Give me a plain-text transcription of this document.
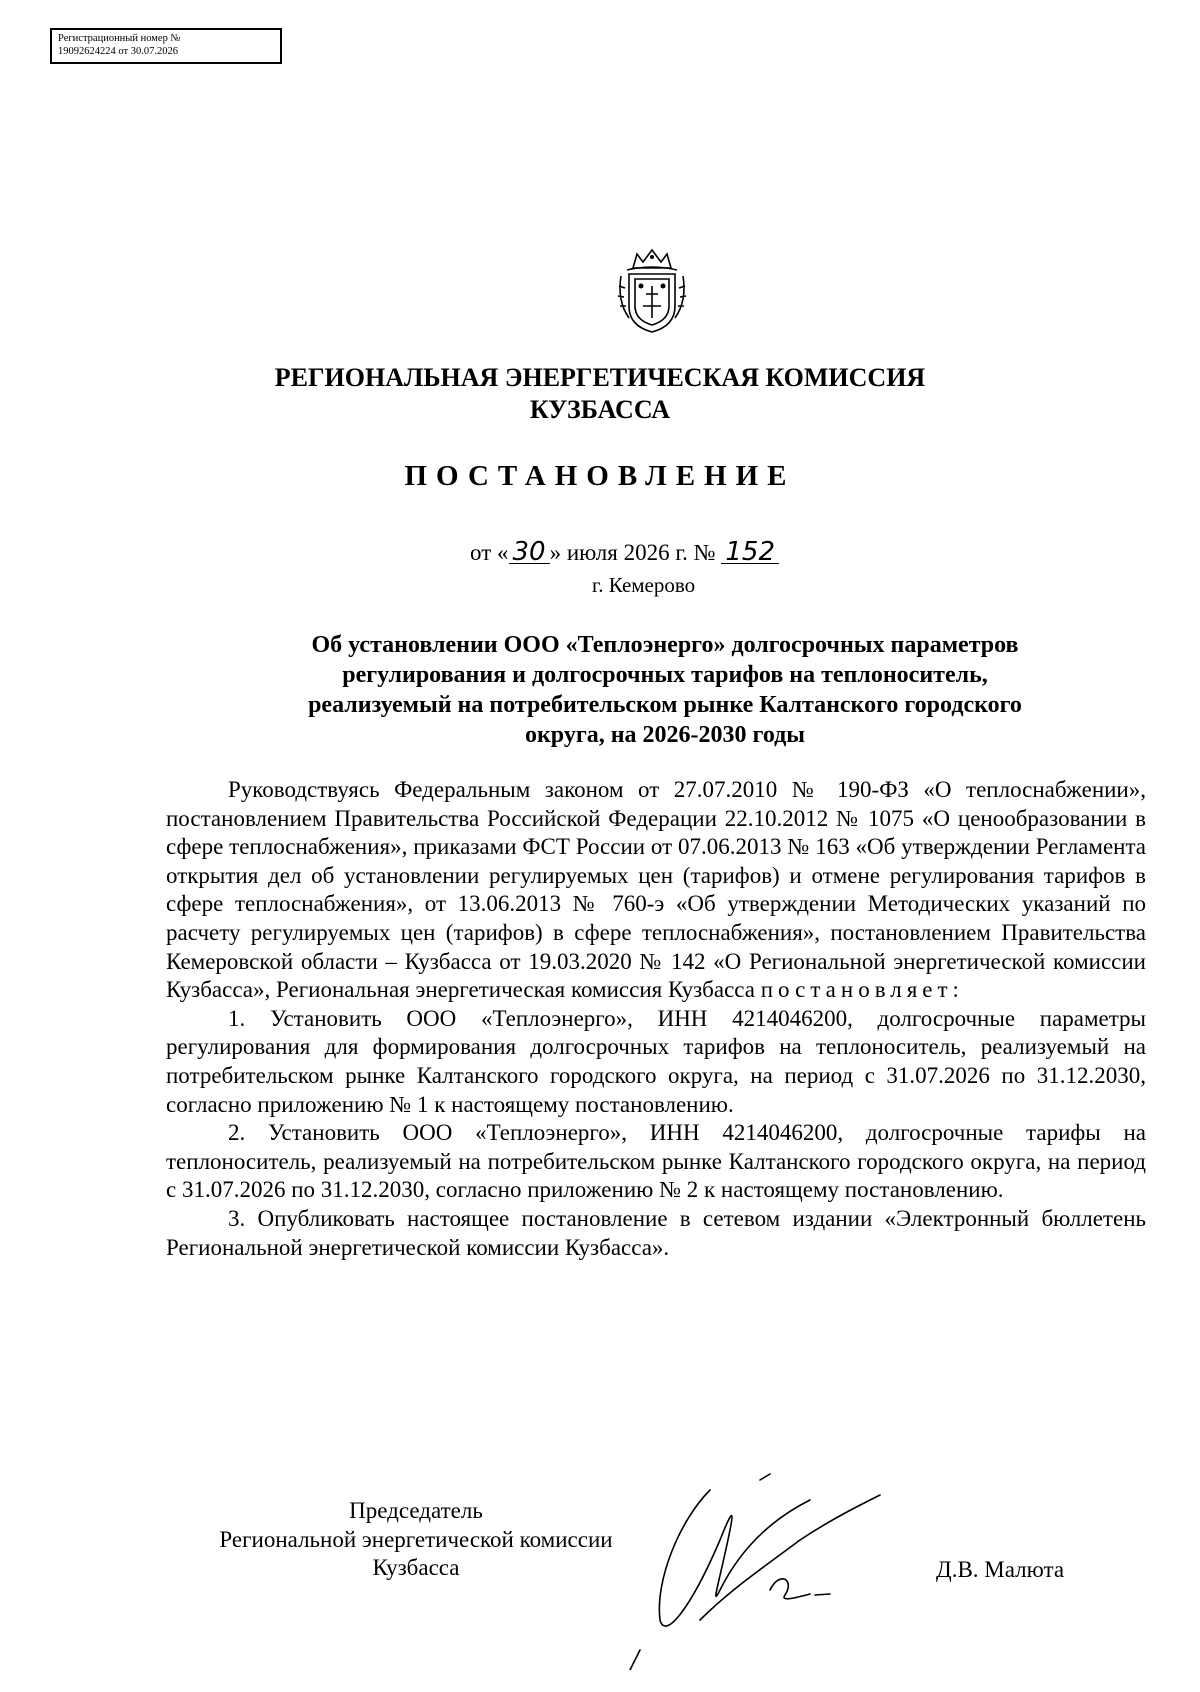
Регистрационный номер №
19092624224 от 30.07.2026
РЕГИОНАЛЬНАЯ ЭНЕРГЕТИЧЕСКАЯ КОМИССИЯ
КУЗБАССА
ПОСТАНОВЛЕНИЕ
от « 30 » июля 2026 г. № 152
г. Кемерово
Об установлении ООО «Теплоэнерго» долгосрочных параметров
регулирования и долгосрочных тарифов на теплоноситель,
реализуемый на потребительском рынке Калтанского городского
округа, на 2026-2030 годы

Руководствуясь Федеральным законом от 27.07.2010 № 190-ФЗ «О теплоснабжении», постановлением Правительства Российской Федерации 22.10.2012 № 1075 «О ценообразовании в сфере теплоснабжения», приказами ФСТ России от 07.06.2013 № 163 «Об утверждении Регламента открытия дел об установлении регулируемых цен (тарифов) и отмене регулирования тарифов в сфере теплоснабжения», от 13.06.2013 № 760-э «Об утверждении Методических указаний по расчету регулируемых цен (тарифов) в сфере теплоснабжения», постановлением Правительства Кемеровской области – Кузбасса от 19.03.2020 № 142 «О Региональной энергетической комиссии Кузбасса», Региональная энергетическая комиссия Кузбасса постановляет:

1. Установить ООО «Теплоэнерго», ИНН 4214046200, долгосрочные параметры регулирования для формирования долгосрочных тарифов на теплоноситель, реализуемый на потребительском рынке Калтанского городского округа, на период с 31.07.2026 по 31.12.2030, согласно приложению № 1 к настоящему постановлению.

2. Установить ООО «Теплоэнерго», ИНН 4214046200, долгосрочные тарифы на теплоноситель, реализуемый на потребительском рынке Калтанского городского округа, на период с 31.07.2026 по 31.12.2030, согласно приложению № 2 к настоящему постановлению.

3. Опубликовать настоящее постановление в сетевом издании «Электронный бюллетень Региональной энергетической комиссии Кузбасса».

Председатель
Региональной энергетической комиссии
Кузбасса	Д.В. Малюта
